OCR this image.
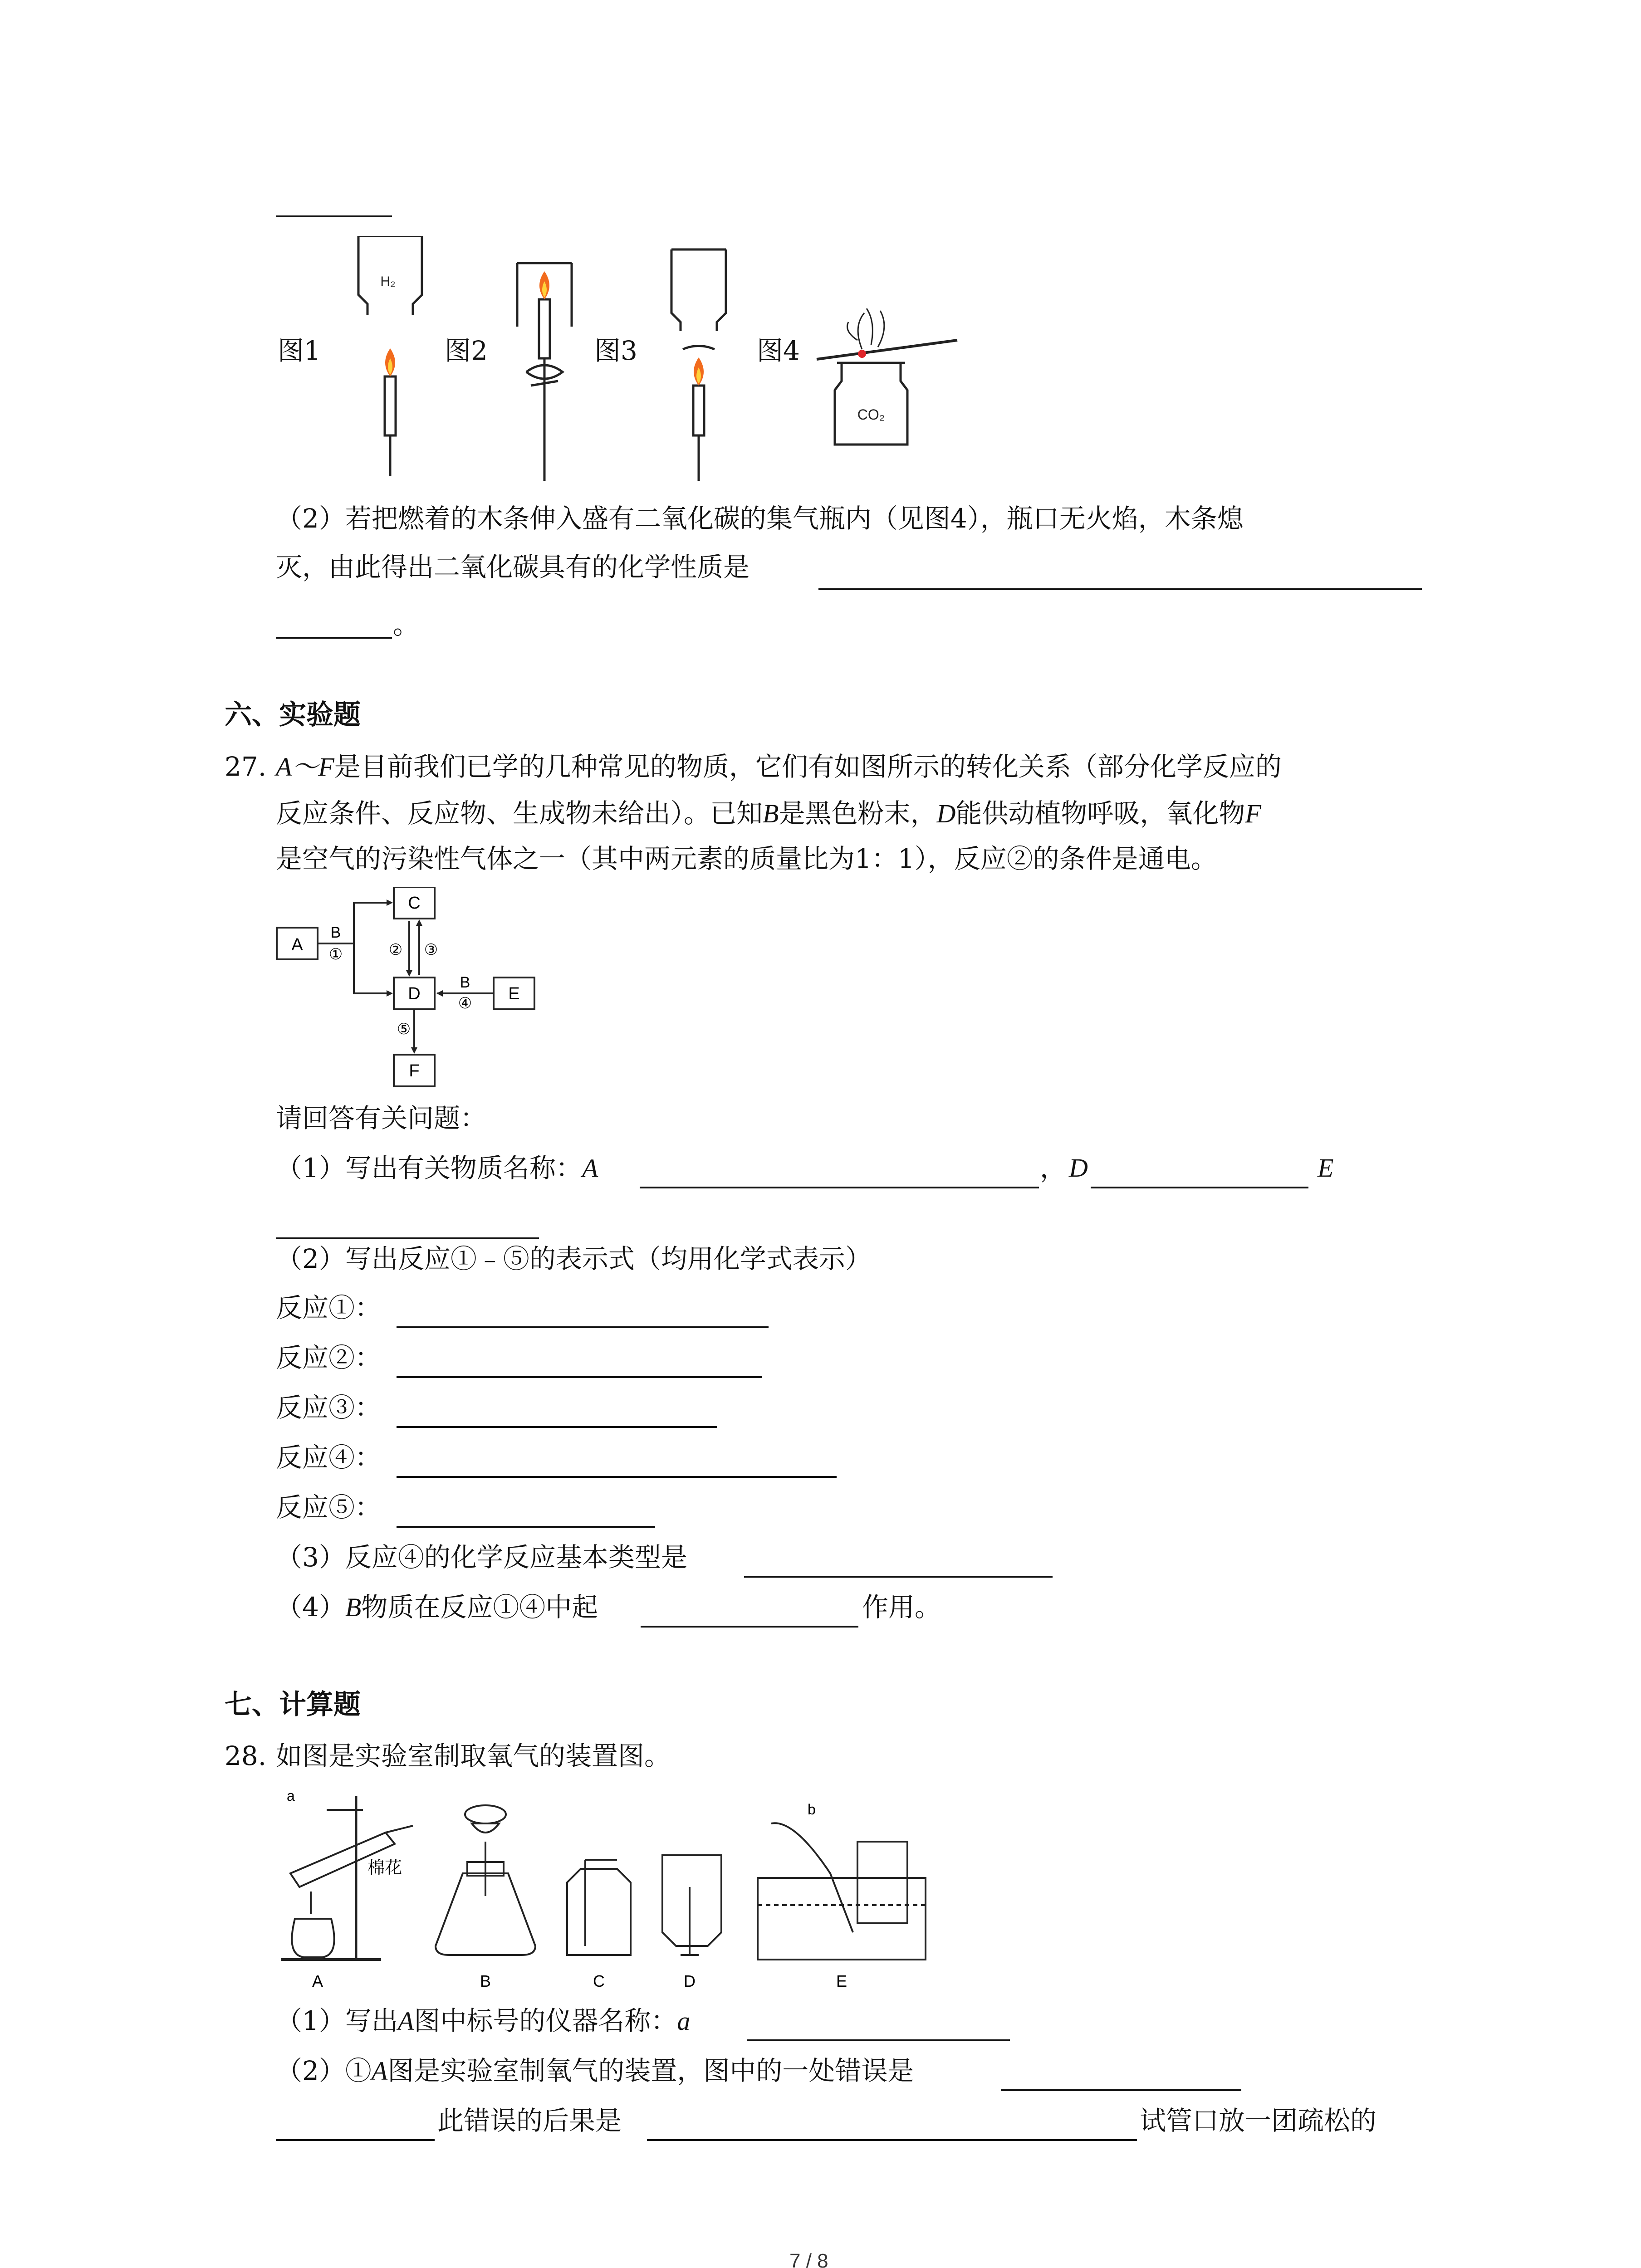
图1	图2	图3	图4
H₂
CO₂
（2）若把燃着的木条伸入盛有二氧化碳的集气瓶内（见图4），瓶口无火焰，木条熄
灭，由此得出二氧化碳具有的化学性质是
。
六、实验题
27. A～F是目前我们已学的几种常见的物质，它们有如图所示的转化关系（部分化学反应的
反应条件、反应物、生成物未给出）。已知B是黑色粉末，D能供动植物呼吸，氧化物F
是空气的污染性气体之一（其中两元素的质量比为1：1），反应②的条件是通电。
A
C
D	E
F
B
①	② ③
B
④
⑤
请回答有关问题：
（1）写出有关物质名称：A	， D	E
（2）写出反应①﹣⑤的表示式（均用化学式表示）
反应①：
反应②：
反应③：
反应④：
反应⑤：
（3）反应④的化学反应基本类型是
（4）B物质在反应①④中起	作用。
七、计算题
28. 如图是实验室制取氧气的装置图。
a
b
棉花
A	B	C	D	E
（1）写出A图中标号的仪器名称：a
（2）①A图是实验室制氧气的装置，图中的一处错误是
此错误的后果是	试管口放一团疏松的
7 / 8
